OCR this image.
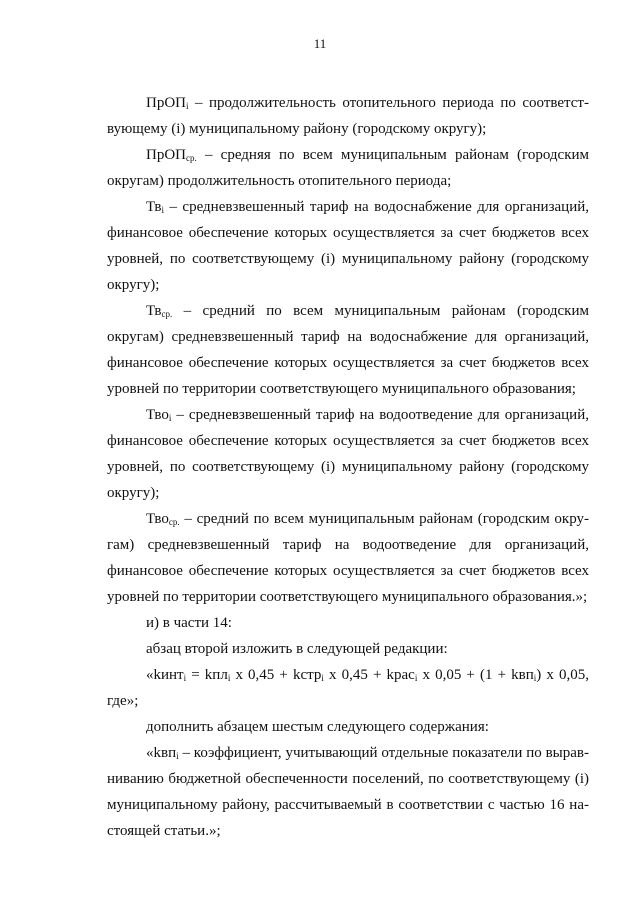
11

ПрОП$_i$ – продолжительность отопительного периода по соответствующему (i) муниципальному району (городскому округу);

ПрОП$_{ср.}$ – средняя по всем муниципальным районам (городским округам) продолжительность отопительного периода;

$Тв_i$ – средневзвешенный тариф на водоснабжение для организаций, финансовое обеспечение которых осуществляется за счет бюджетов всех уровней, по соответствующему (i) муниципальному району (городскому округу);

$Тв_{ср.}$ – средний по всем муниципальным районам (городским округам) средневзвешенный тариф на водоснабжение для организаций, финансовое обеспечение которых осуществляется за счет бюджетов всех уровней по территории соответствующего муниципального образования;

Тво$_i$ – средневзвешенный тариф на водоотведение для организаций, финансовое обеспечение которых осуществляется за счет бюджетов всех уровней, по соответствующему (i) муниципальному району (городскому округу);

Тво$_{ср.}$ – средний по всем муниципальным районам (городским округам) средневзвешенный тариф на водоотведение для организаций, финансовое обеспечение которых осуществляется за счет бюджетов всех уровней по территории соответствующего муниципального образования.»;

и) в части 14:

абзац второй изложить в следующей редакции:

«kинт$_i$ = kпл$_i$ x 0,45 + kстр$_i$ x 0,45 + kрас$_i$ x 0,05 + (1 + kвп$_i$) x 0,05, где»;

дополнить абзацем шестым следующего содержания:

«kвп$_i$ – коэффициент, учитывающий отдельные показатели по выравниванию бюджетной обеспеченности поселений, по соответствующему (i) муниципальному району, рассчитываемый в соответствии с частью 16 настоящей статьи.»;
